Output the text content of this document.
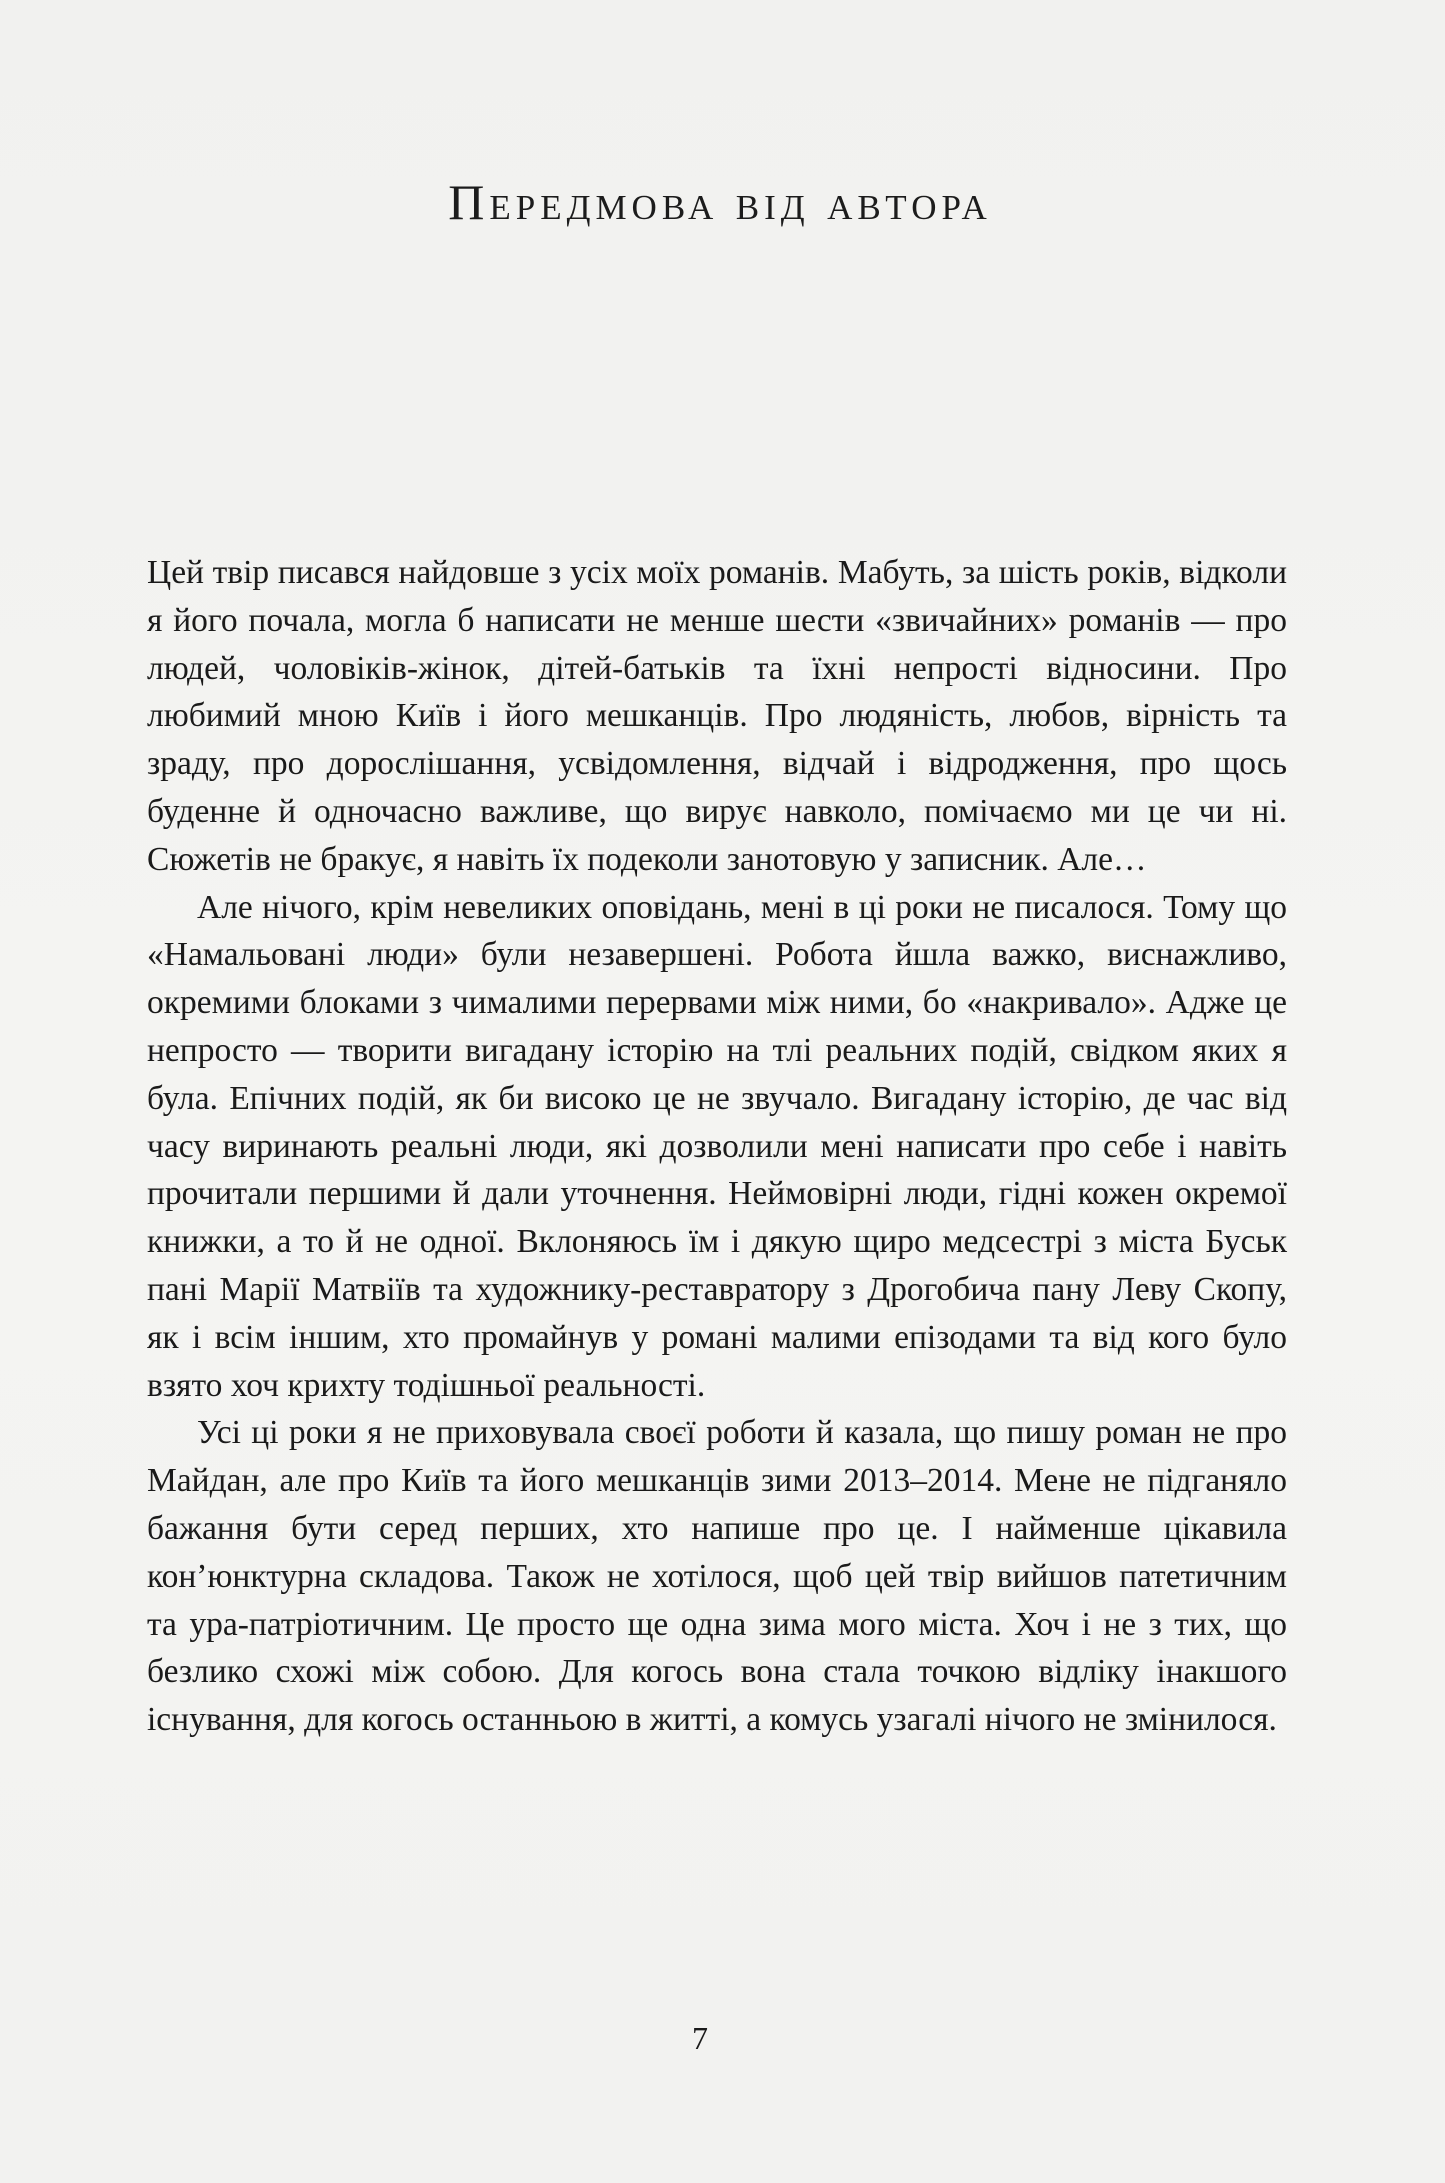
Передмова від автора

Цей твір писався найдовше з усіх моїх романів. Мабуть, за шість років, відколи я його почала, могла б написати не менше шести «звичайних» романів — про людей, чоловіків-жінок, дітей-батьків та їхні непрості відносини. Про любимий мною Київ і його мешканців. Про людяність, любов, вірність та зраду, про дорослішання, усвідомлення, відчай і відродження, про щось буденне й одночасно важливе, що вирує навколо, помічаємо ми це чи ні. Сюжетів не бракує, я навіть їх подеколи занотовую у записник. Але…

Але нічого, крім невеликих оповідань, мені в ці роки не писалося. Тому що «Намальовані люди» були незавершені. Робота йшла важко, виснажливо, окремими блоками з чималими перервами між ними, бо «накривало». Адже це непросто — творити вигадану історію на тлі реальних подій, свідком яких я була. Епічних подій, як би високо це не звучало. Вигадану історію, де час від часу виринають реальні люди, які дозволили мені написати про себе і навіть прочитали першими й дали уточнення. Неймовірні люди, гідні кожен окремої книжки, а то й не одної. Вклоняюсь їм і дякую щиро медсестрі з міста Буськ пані Марії Матвіїв та художнику-реставратору з Дрогобича пану Леву Скопу, як і всім іншим, хто промайнув у романі малими епізодами та від кого було взято хоч крихту тодішньої реальності.

Усі ці роки я не приховувала своєї роботи й казала, що пишу роман не про Майдан, але про Київ та його мешканців зими 2013–2014. Мене не підганяло бажання бути серед перших, хто напише про це. І найменше цікавила кон’юнктурна складова. Також не хотілося, щоб цей твір вийшов патетичним та ура-патріотичним. Це просто ще одна зима мого міста. Хоч і не з тих, що безлико схожі між собою. Для когось вона стала точкою відліку інакшого існування, для когось останньою в житті, а комусь узагалі нічого не змінилося.

7
